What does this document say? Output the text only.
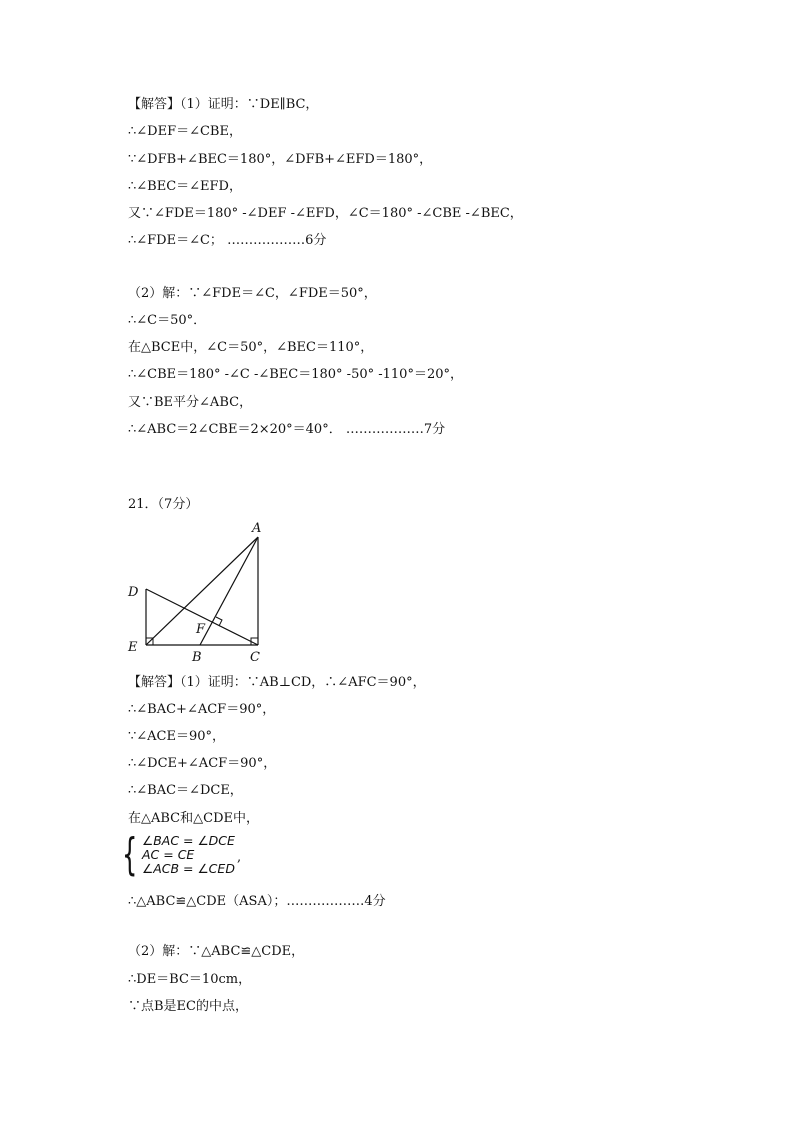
【解答】（1）证明：∵DE∥BC，
∴∠DEF＝∠CBE，
∵∠DFB+∠BEC＝180°，∠DFB+∠EFD＝180°，
∴∠BEC＝∠EFD，
又∵∠FDE＝180° -∠DEF -∠EFD，∠C＝180° -∠CBE -∠BEC，
∴∠FDE＝∠C； ………………6分
（2）解：∵∠FDE＝∠C，∠FDE＝50°，
∴∠C＝50°．
在△BCE中，∠C＝50°，∠BEC＝110°，
∴∠CBE＝180° -∠C -∠BEC＝180° -50° -110°＝20°，
又∵BE平分∠ABC，
∴∠ABC＝2∠CBE＝2×20°＝40°． ………………7分
21．（7分）
【解答】（1）证明：∵AB⊥CD，∴∠AFC＝90°，
∴∠BAC+∠ACF＝90°，
∵∠ACE＝90°，
∴∠DCE+∠ACF＝90°，
∴∠BAC＝∠DCE，
在△ABC和△CDE中，
∴△ABC≌△CDE（ASA）；………………4分
（2）解：∵△ABC≌△CDE，
∴DE＝BC＝10cm，
∵点B是EC的中点，
A
D
E
F
B	C
{ ∠BAC = ∠DCE
AC = CE
∠ACB = ∠CED
,
